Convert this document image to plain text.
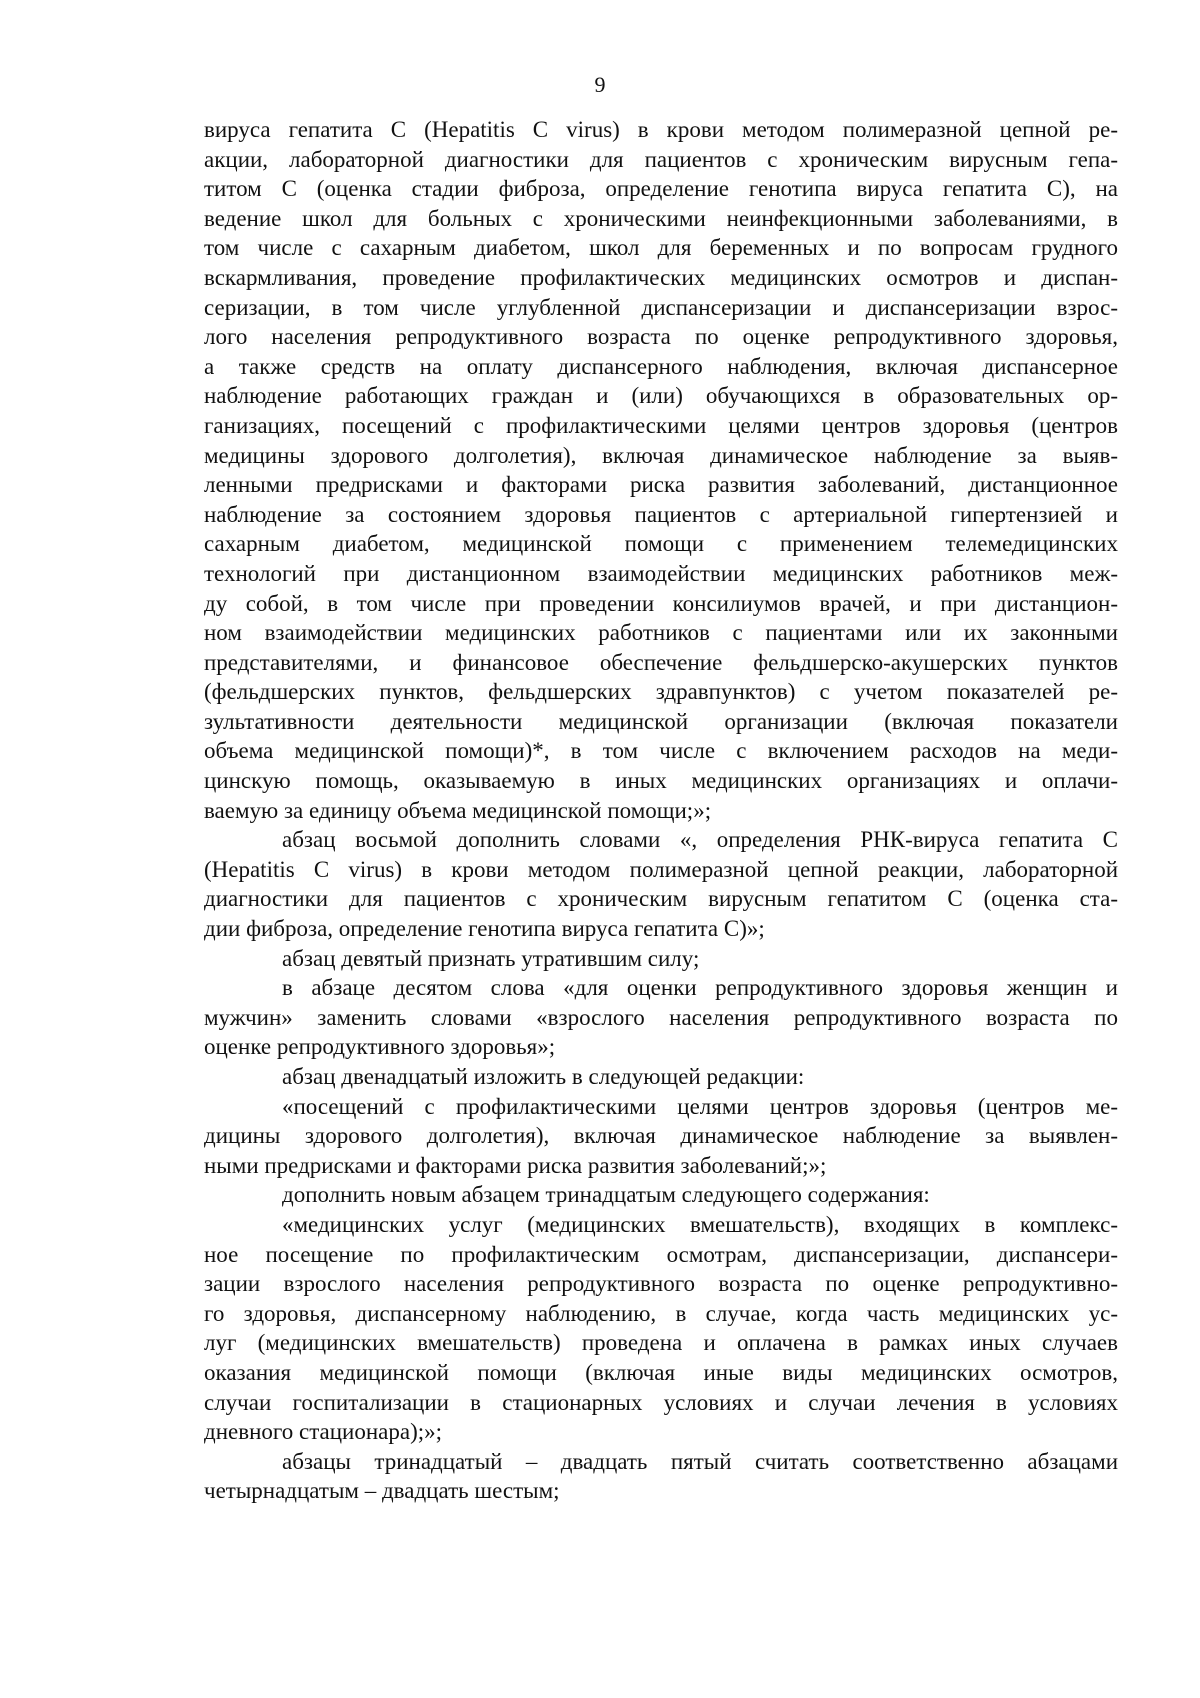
9
вируса гепатита С (Hepatitis C virus) в крови методом полимеразной цепной ре-
акции, лабораторной диагностики для пациентов с хроническим вирусным гепа-
титом С (оценка стадии фиброза, определение генотипа вируса гепатита С), на
ведение школ для больных с хроническими неинфекционными заболеваниями, в
том числе с сахарным диабетом, школ для беременных и по вопросам грудного
вскармливания, проведение профилактических медицинских осмотров и диспан-
серизации, в том числе углубленной диспансеризации и диспансеризации взрос-
лого населения репродуктивного возраста по оценке репродуктивного здоровья,
а также средств на оплату диспансерного наблюдения, включая диспансерное
наблюдение работающих граждан и (или) обучающихся в образовательных ор-
ганизациях, посещений с профилактическими целями центров здоровья (центров
медицины здорового долголетия), включая динамическое наблюдение за выяв-
ленными предрисками и факторами риска развития заболеваний, дистанционное
наблюдение за состоянием здоровья пациентов с артериальной гипертензией и
сахарным диабетом, медицинской помощи с применением телемедицинских
технологий при дистанционном взаимодействии медицинских работников меж-
ду собой, в том числе при проведении консилиумов врачей, и при дистанцион-
ном взаимодействии медицинских работников с пациентами или их законными
представителями, и финансовое обеспечение фельдшерско-акушерских пунктов
(фельдшерских пунктов, фельдшерских здравпунктов) с учетом показателей ре-
зультативности деятельности медицинской организации (включая показатели
объема медицинской помощи)*, в том числе с включением расходов на меди-
цинскую помощь, оказываемую в иных медицинских организациях и оплачи-
ваемую за единицу объема медицинской помощи;»;
абзац восьмой дополнить словами «, определения РНК-вируса гепатита С
(Hepatitis C virus) в крови методом полимеразной цепной реакции, лабораторной
диагностики для пациентов с хроническим вирусным гепатитом С (оценка ста-
дии фиброза, определение генотипа вируса гепатита С)»;
абзац девятый признать утратившим силу;
в абзаце десятом слова «для оценки репродуктивного здоровья женщин и
мужчин» заменить словами «взрослого населения репродуктивного возраста по
оценке репродуктивного здоровья»;
абзац двенадцатый изложить в следующей редакции:
«посещений с профилактическими целями центров здоровья (центров ме-
дицины здорового долголетия), включая динамическое наблюдение за выявлен-
ными предрисками и факторами риска развития заболеваний;»;
дополнить новым абзацем тринадцатым следующего содержания:
«медицинских услуг (медицинских вмешательств), входящих в комплекс-
ное посещение по профилактическим осмотрам, диспансеризации, диспансери-
зации взрослого населения репродуктивного возраста по оценке репродуктивно-
го здоровья, диспансерному наблюдению, в случае, когда часть медицинских ус-
луг (медицинских вмешательств) проведена и оплачена в рамках иных случаев
оказания медицинской помощи (включая иные виды медицинских осмотров,
случаи госпитализации в стационарных условиях и случаи лечения в условиях
дневного стационара);»;
абзацы тринадцатый – двадцать пятый считать соответственно абзацами
четырнадцатым – двадцать шестым;
